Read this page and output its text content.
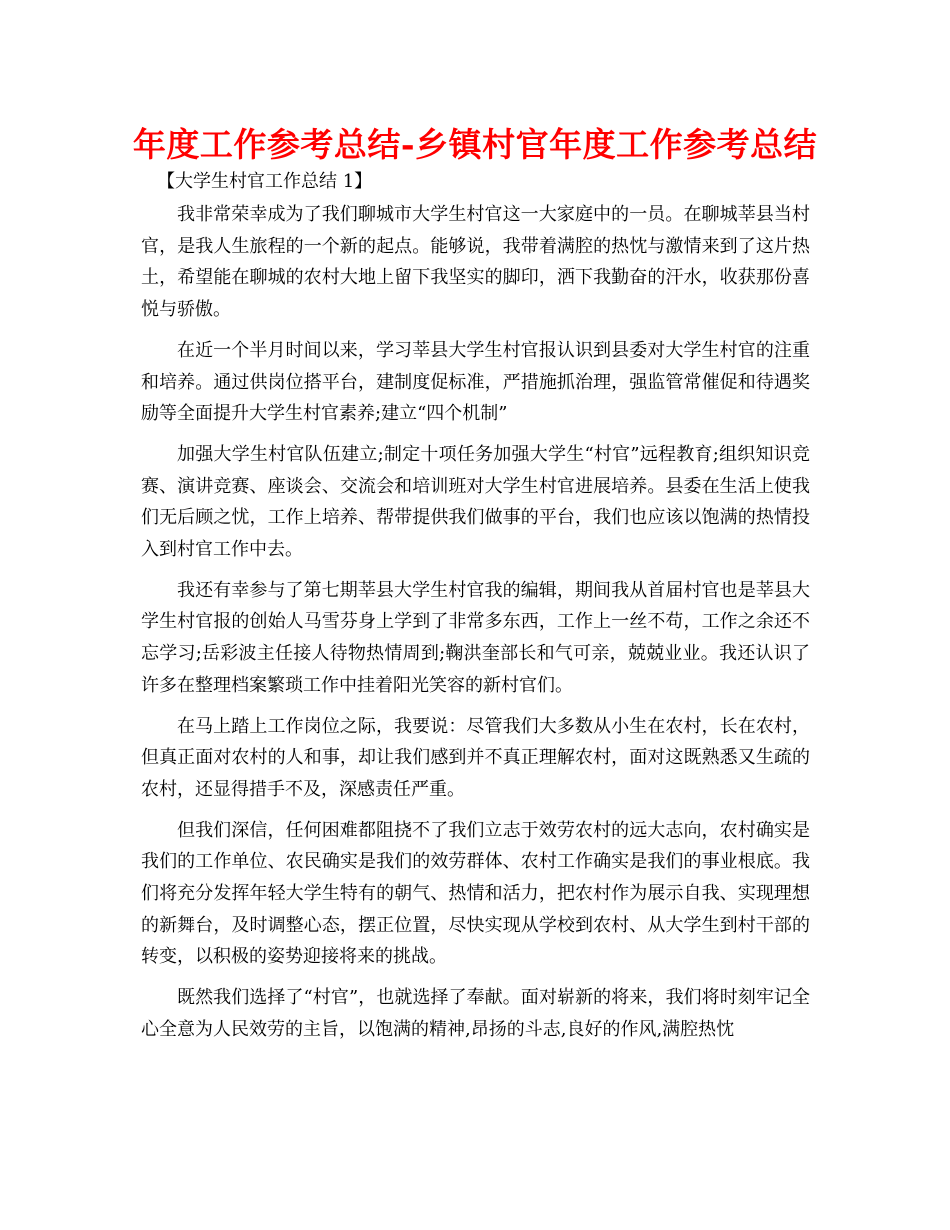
年度工作参考总结-乡镇村官年度工作参考总结
【大学生村官工作总结 1】

我非常荣幸成为了我们聊城市大学生村官这一大家庭中的一员。在聊城莘县当村官，是我人生旅程的一个新的起点。能够说，我带着满腔的热忱与激情来到了这片热土，希望能在聊城的农村大地上留下我坚实的脚印，洒下我勤奋的汗水，收获那份喜悦与骄傲。

在近一个半月时间以来，学习莘县大学生村官报认识到县委对大学生村官的注重和培养。通过供岗位搭平台，建制度促标准，严措施抓治理，强监管常催促和待遇奖励等全面提升大学生村官素养;建立“四个机制”

加强大学生村官队伍建立;制定十项任务加强大学生“村官”远程教育;组织知识竞赛、演讲竞赛、座谈会、交流会和培训班对大学生村官进展培养。县委在生活上使我们无后顾之忧，工作上培养、帮带提供我们做事的平台，我们也应该以饱满的热情投入到村官工作中去。

我还有幸参与了第七期莘县大学生村官我的编辑，期间我从首届村官也是莘县大学生村官报的创始人马雪芬身上学到了非常多东西，工作上一丝不苟，工作之余还不忘学习;岳彩波主任接人待物热情周到;鞠洪奎部长和气可亲，兢兢业业。我还认识了许多在整理档案繁琐工作中挂着阳光笑容的新村官们。

在马上踏上工作岗位之际，我要说：尽管我们大多数从小生在农村，长在农村，但真正面对农村的人和事，却让我们感到并不真正理解农村，面对这既熟悉又生疏的农村，还显得措手不及，深感责任严重。

但我们深信，任何困难都阻挠不了我们立志于效劳农村的远大志向，农村确实是我们的工作单位、农民确实是我们的效劳群体、农村工作确实是我们的事业根底。我们将充分发挥年轻大学生特有的朝气、热情和活力，把农村作为展示自我、实现理想的新舞台，及时调整心态，摆正位置，尽快实现从学校到农村、从大学生到村干部的转变，以积极的姿势迎接将来的挑战。

既然我们选择了“村官”，也就选择了奉献。面对崭新的将来，我们将时刻牢记全心全意为人民效劳的主旨，以饱满的精神,昂扬的斗志,良好的作风,满腔热忱
